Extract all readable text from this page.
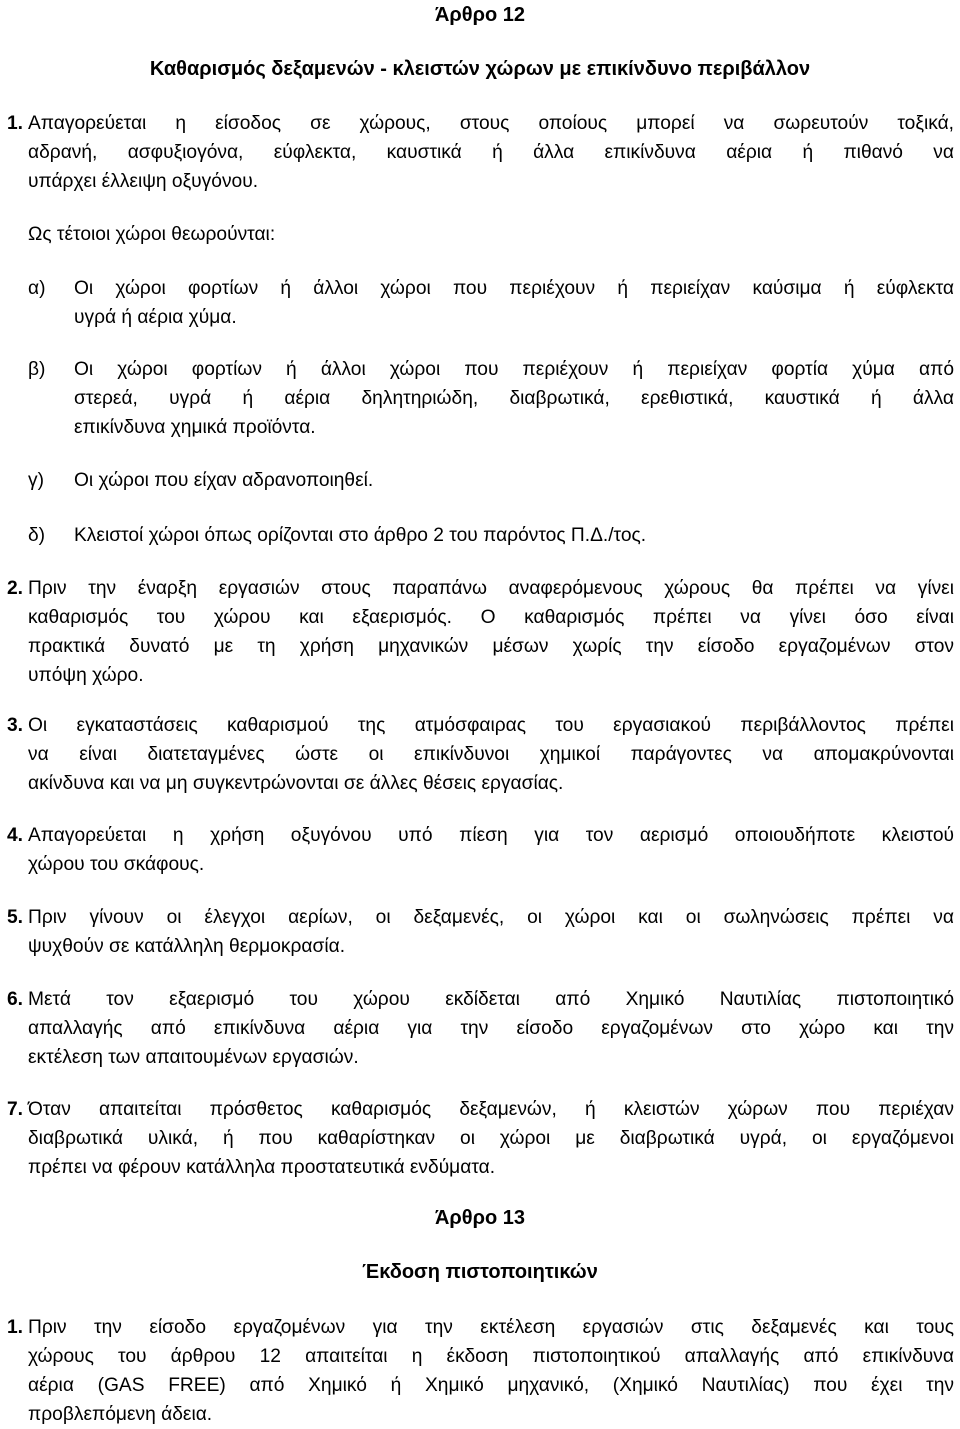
Άρθρο 12
Καθαρισμός δεξαμενών - κλειστών χώρων με επικίνδυνο περιβάλλον
1. Απαγορεύεται η είσοδος σε χώρους, στους οποίους μπορεί να σωρευτούν τοξικά,
αδρανή, ασφυξιογόνα, εύφλεκτα, καυστικά ή άλλα επικίνδυνα αέρια ή πιθανό να
υπάρχει έλλειψη οξυγόνου.
Ως τέτοιοι χώροι θεωρούνται:
α) Οι χώροι φορτίων ή άλλοι χώροι που περιέχουν ή περιείχαν καύσιμα ή εύφλεκτα
υγρά ή αέρια χύμα.
β) Οι χώροι φορτίων ή άλλοι χώροι που περιέχουν ή περιείχαν φορτία χύμα από
στερεά, υγρά ή αέρια δηλητηριώδη, διαβρωτικά, ερεθιστικά, καυστικά ή άλλα
επικίνδυνα χημικά προϊόντα.
γ) Οι χώροι που είχαν αδρανοποιηθεί.
δ) Κλειστοί χώροι όπως ορίζονται στο άρθρο 2 του παρόντος Π.Δ./τος.
2. Πριν την έναρξη εργασιών στους παραπάνω αναφερόμενους χώρους θα πρέπει να γίνει
καθαρισμός του χώρου και εξαερισμός. Ο καθαρισμός πρέπει να γίνει όσο είναι
πρακτικά δυνατό με τη χρήση μηχανικών μέσων χωρίς την είσοδο εργαζομένων στον
υπόψη χώρο.
3. Οι εγκαταστάσεις καθαρισμού της ατμόσφαιρας του εργασιακού περιβάλλοντος πρέπει
να είναι διατεταγμένες ώστε οι επικίνδυνοι χημικοί παράγοντες να απομακρύνονται
ακίνδυνα και να μη συγκεντρώνονται σε άλλες θέσεις εργασίας.
4. Απαγορεύεται η χρήση οξυγόνου υπό πίεση για τον αερισμό οποιουδήποτε κλειστού
χώρου του σκάφους.
5. Πριν γίνουν οι έλεγχοι αερίων, οι δεξαμενές, οι χώροι και οι σωληνώσεις πρέπει να
ψυχθούν σε κατάλληλη θερμοκρασία.
6. Μετά τον εξαερισμό του χώρου εκδίδεται από Χημικό Ναυτιλίας πιστοποιητικό
απαλλαγής από επικίνδυνα αέρια για την είσοδο εργαζομένων στο χώρο και την
εκτέλεση των απαιτουμένων εργασιών.
7. Όταν απαιτείται πρόσθετος καθαρισμός δεξαμενών, ή κλειστών χώρων που περιέχαν
διαβρωτικά υλικά, ή που καθαρίστηκαν οι χώροι με διαβρωτικά υγρά, οι εργαζόμενοι
πρέπει να φέρουν κατάλληλα προστατευτικά ενδύματα.
Άρθρο 13
Έκδοση πιστοποιητικών
1. Πριν την είσοδο εργαζομένων για την εκτέλεση εργασιών στις δεξαμενές και τους
χώρους του άρθρου 12 απαιτείται η έκδοση πιστοποιητικού απαλλαγής από επικίνδυνα
αέρια (GAS FREE) από Χημικό ή Χημικό μηχανικό, (Χημικό Ναυτιλίας) που έχει την
προβλεπόμενη άδεια.
